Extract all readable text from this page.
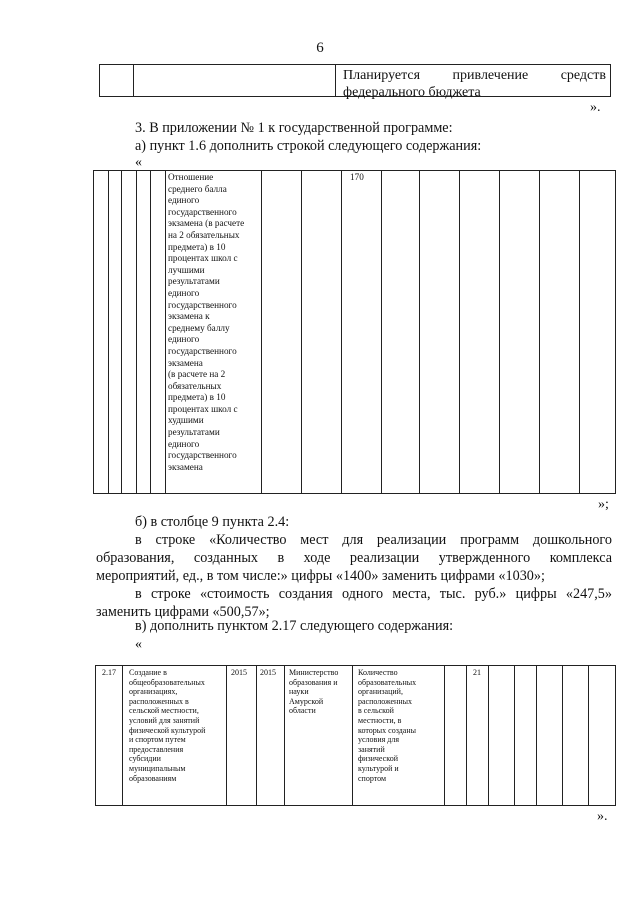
6
Планируется привлечение средств
федерального бюджета
».
3. В приложении № 1 к государственной программе:
а) пункт 1.6 дополнить строкой следующего содержания:
«
Отношение
среднего балла
единого
государственного
экзамена (в расчете
на 2 обязательных
предмета) в 10
процентах школ с
лучшими
результатами
единого
государственного
экзамена к
среднему баллу
единого
государственного
экзамена
(в расчете на 2
обязательных
предмета) в 10
процентах школ с
худшими
результатами
единого
государственного
экзамена
170
»;
б) в столбце 9 пункта 2.4:
в строке «Количество мест для реализации программ дошкольного
образования, созданных в ходе реализации утвержденного комплекса
мероприятий, ед., в том числе:» цифры «1400» заменить цифрами «1030»;
в строке «стоимость создания одного места, тыс. руб.» цифры «247,5»
заменить цифрами «500,57»;
в) дополнить пунктом 2.17 следующего содержания:
«
2.17 Создание в
общеобразовательных
организациях,
расположенных в
сельской местности,
условий для занятий
физической культурой
и спортом путем
предоставления
субсидии
муниципальным
образованиям
2015 2015 Министерство
образования и
науки
Амурской
области
Количество
образовательных
организаций,
расположенных
в сельской
местности, в
которых созданы
условия для
занятий
физической
культурой и
спортом
21
».
